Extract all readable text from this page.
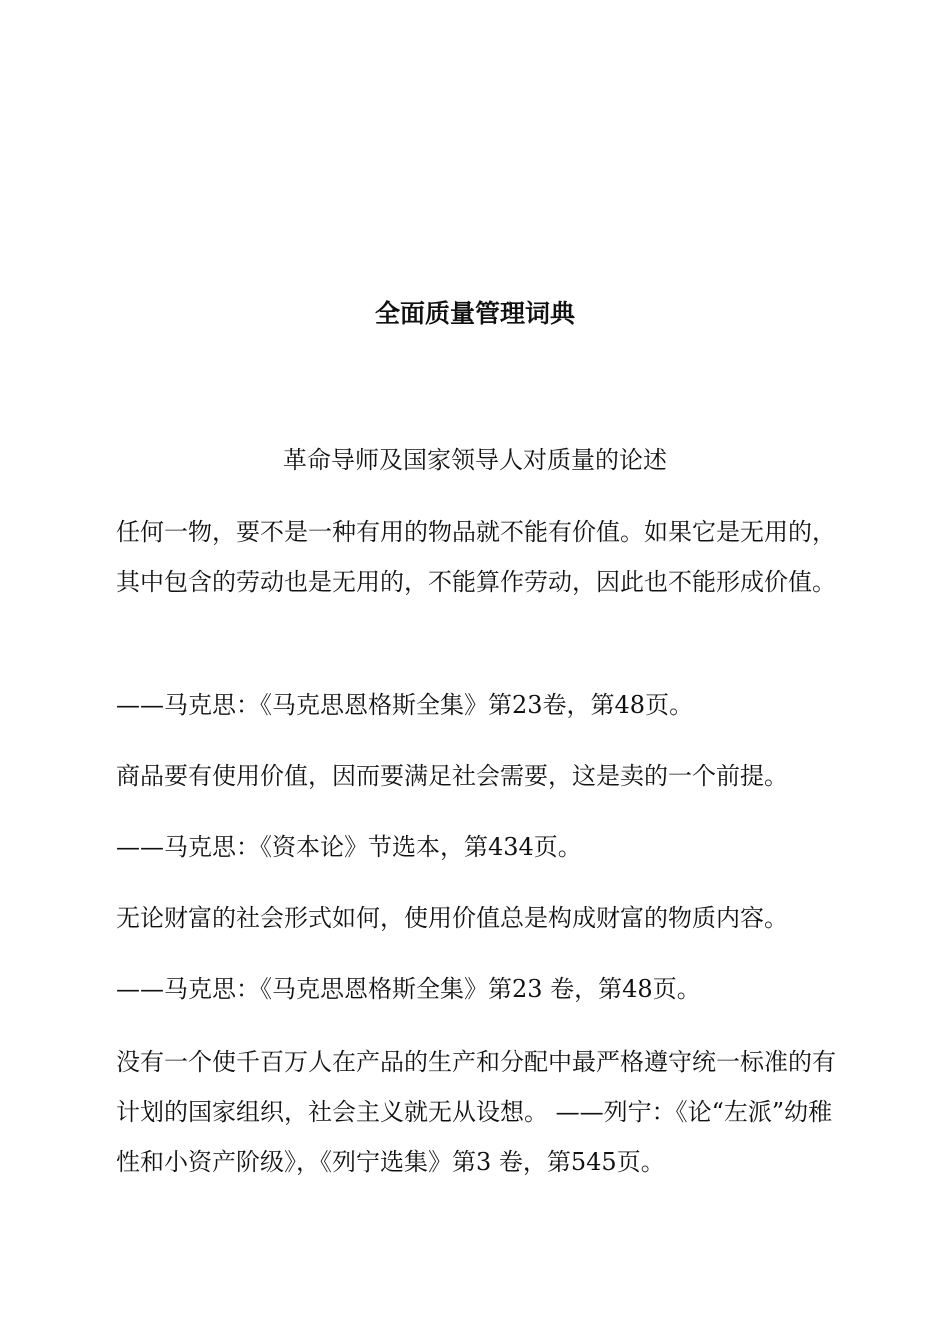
全面质量管理词典
革命导师及国家领导人对质量的论述

任何一物，要不是一种有用的物品就不能有价值。如果它是无用的，其中包含的劳动也是无用的，不能算作劳动，因此也不能形成价值。

——马克思：《马克思恩格斯全集》第23卷，第48页。

商品要有使用价值，因而要满足社会需要，这是卖的一个前提。

——马克思：《资本论》节选本，第434页。

无论财富的社会形式如何，使用价值总是构成财富的物质内容。

——马克思：《马克思恩格斯全集》第23 卷，第48页。

没有一个使千百万人在产品的生产和分配中最严格遵守统一标准的有计划的国家组织，社会主义就无从设想。 ——列宁：《论“左派”幼稚性和小资产阶级》，《列宁选集》第3 卷，第545页。
